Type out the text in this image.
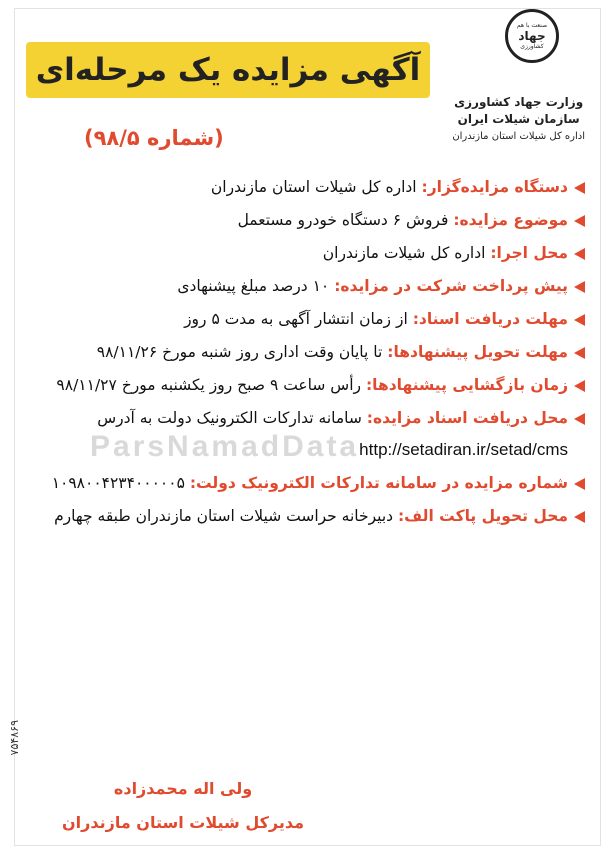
صنعت با هم
جهاد
کشاورزی
آگهی مزایده یک مرحله‌ای
وزارت جهاد کشاورزی
سازمان شیلات ایران
اداره کل شیلات استان مازندران
(شماره ۹۸/۵)
ParsNamadData
دستگاه مزایده‌گزار: اداره کل شیلات استان مازندران
موضوع مزایده: فروش ۶ دستگاه خودرو مستعمل
محل اجرا: اداره کل شیلات مازندران
پیش پرداخت شرکت در مزایده: ۱۰ درصد مبلغ پیشنهادی
مهلت دریافت اسناد: از زمان انتشار آگهی به مدت ۵ روز
مهلت تحویل پیشنهادها: تا پایان وقت اداری روز شنبه مورخ ۹۸/۱۱/۲۶
زمان بازگشایی پیشنهادها: رأس ساعت ۹ صبح روز یکشنبه مورخ ۹۸/۱۱/۲۷
محل دریافت اسناد مزایده: سامانه تدارکات الکترونیک دولت به آدرس http://setadiran.ir/setad/cms
شماره مزایده در سامانه تدارکات الکترونیک دولت: ۱۰۹۸۰۰۴۲۳۴۰۰۰۰۰۵
محل تحویل پاکت الف: دبیرخانه حراست شیلات استان مازندران طبقه چهارم
ولی اله محمدزاده
مدیرکل شیلات استان مازندران
۷۵۴۸۶۹
